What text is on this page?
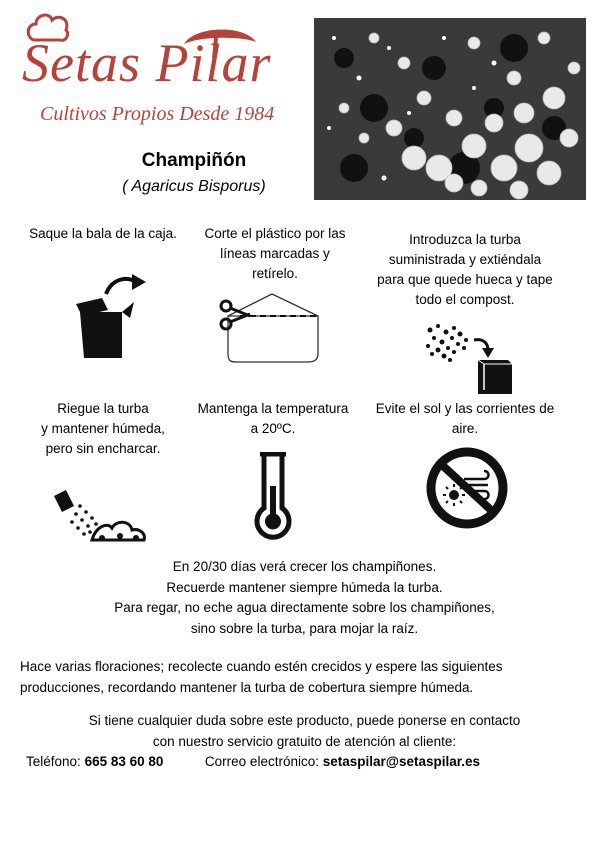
Setas Pilar
Cultivos Propios Desde 1984
Champiñón
( Agaricus Bisporus)
Saque la bala de la caja.	Corte el plástico por las
líneas marcadas y
retírelo.
Introduzca la turba
suministrada y extiéndala
para que quede hueca y tape
todo el compost.
Riegue la turba
y mantener húmeda,
pero sin encharcar.
Mantenga la temperatura
a 20ºC.
Evite el sol y las corrientes de
aire.
En 20/30 días verá crecer los champiñones.
Recuerde mantener siempre húmeda la turba.
Para regar, no eche agua directamente sobre los champiñones,
sino sobre la turba, para mojar la raíz.
Hace varias floraciones; recolecte cuando estén crecidos y espere las siguientes
producciones, recordando mantener la turba de cobertura siempre húmeda.
Si tiene cualquier duda sobre este producto, puede ponerse en contacto
con nuestro servicio gratuito de atención al cliente:
Teléfono: 665 83 60 80	Correo electrónico: setaspilar@setaspilar.es
